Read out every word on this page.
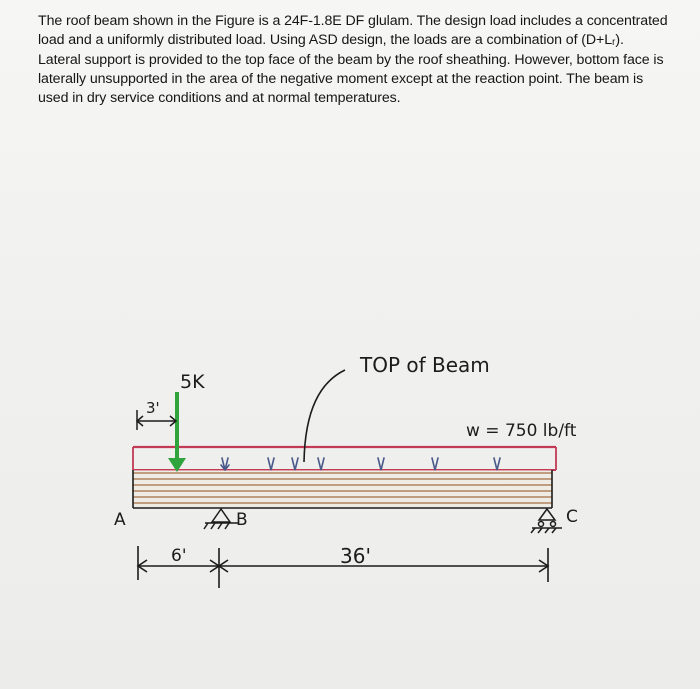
The roof beam shown in the Figure is a 24F-1.8E DF glulam. The design load includes a concentrated load and a uniformly distributed load. Using ASD design, the loads are a combination of (D+Lᵣ). Lateral support is provided to the top face of the beam by the roof sheathing. However, bottom face is laterally unsupported in the area of the negative moment except at the reaction point. The beam is used in dry service conditions and at normal temperatures.

5K
3'
TOP of Beam
w = 750 lb/ft
A	B	C
6'	36'
